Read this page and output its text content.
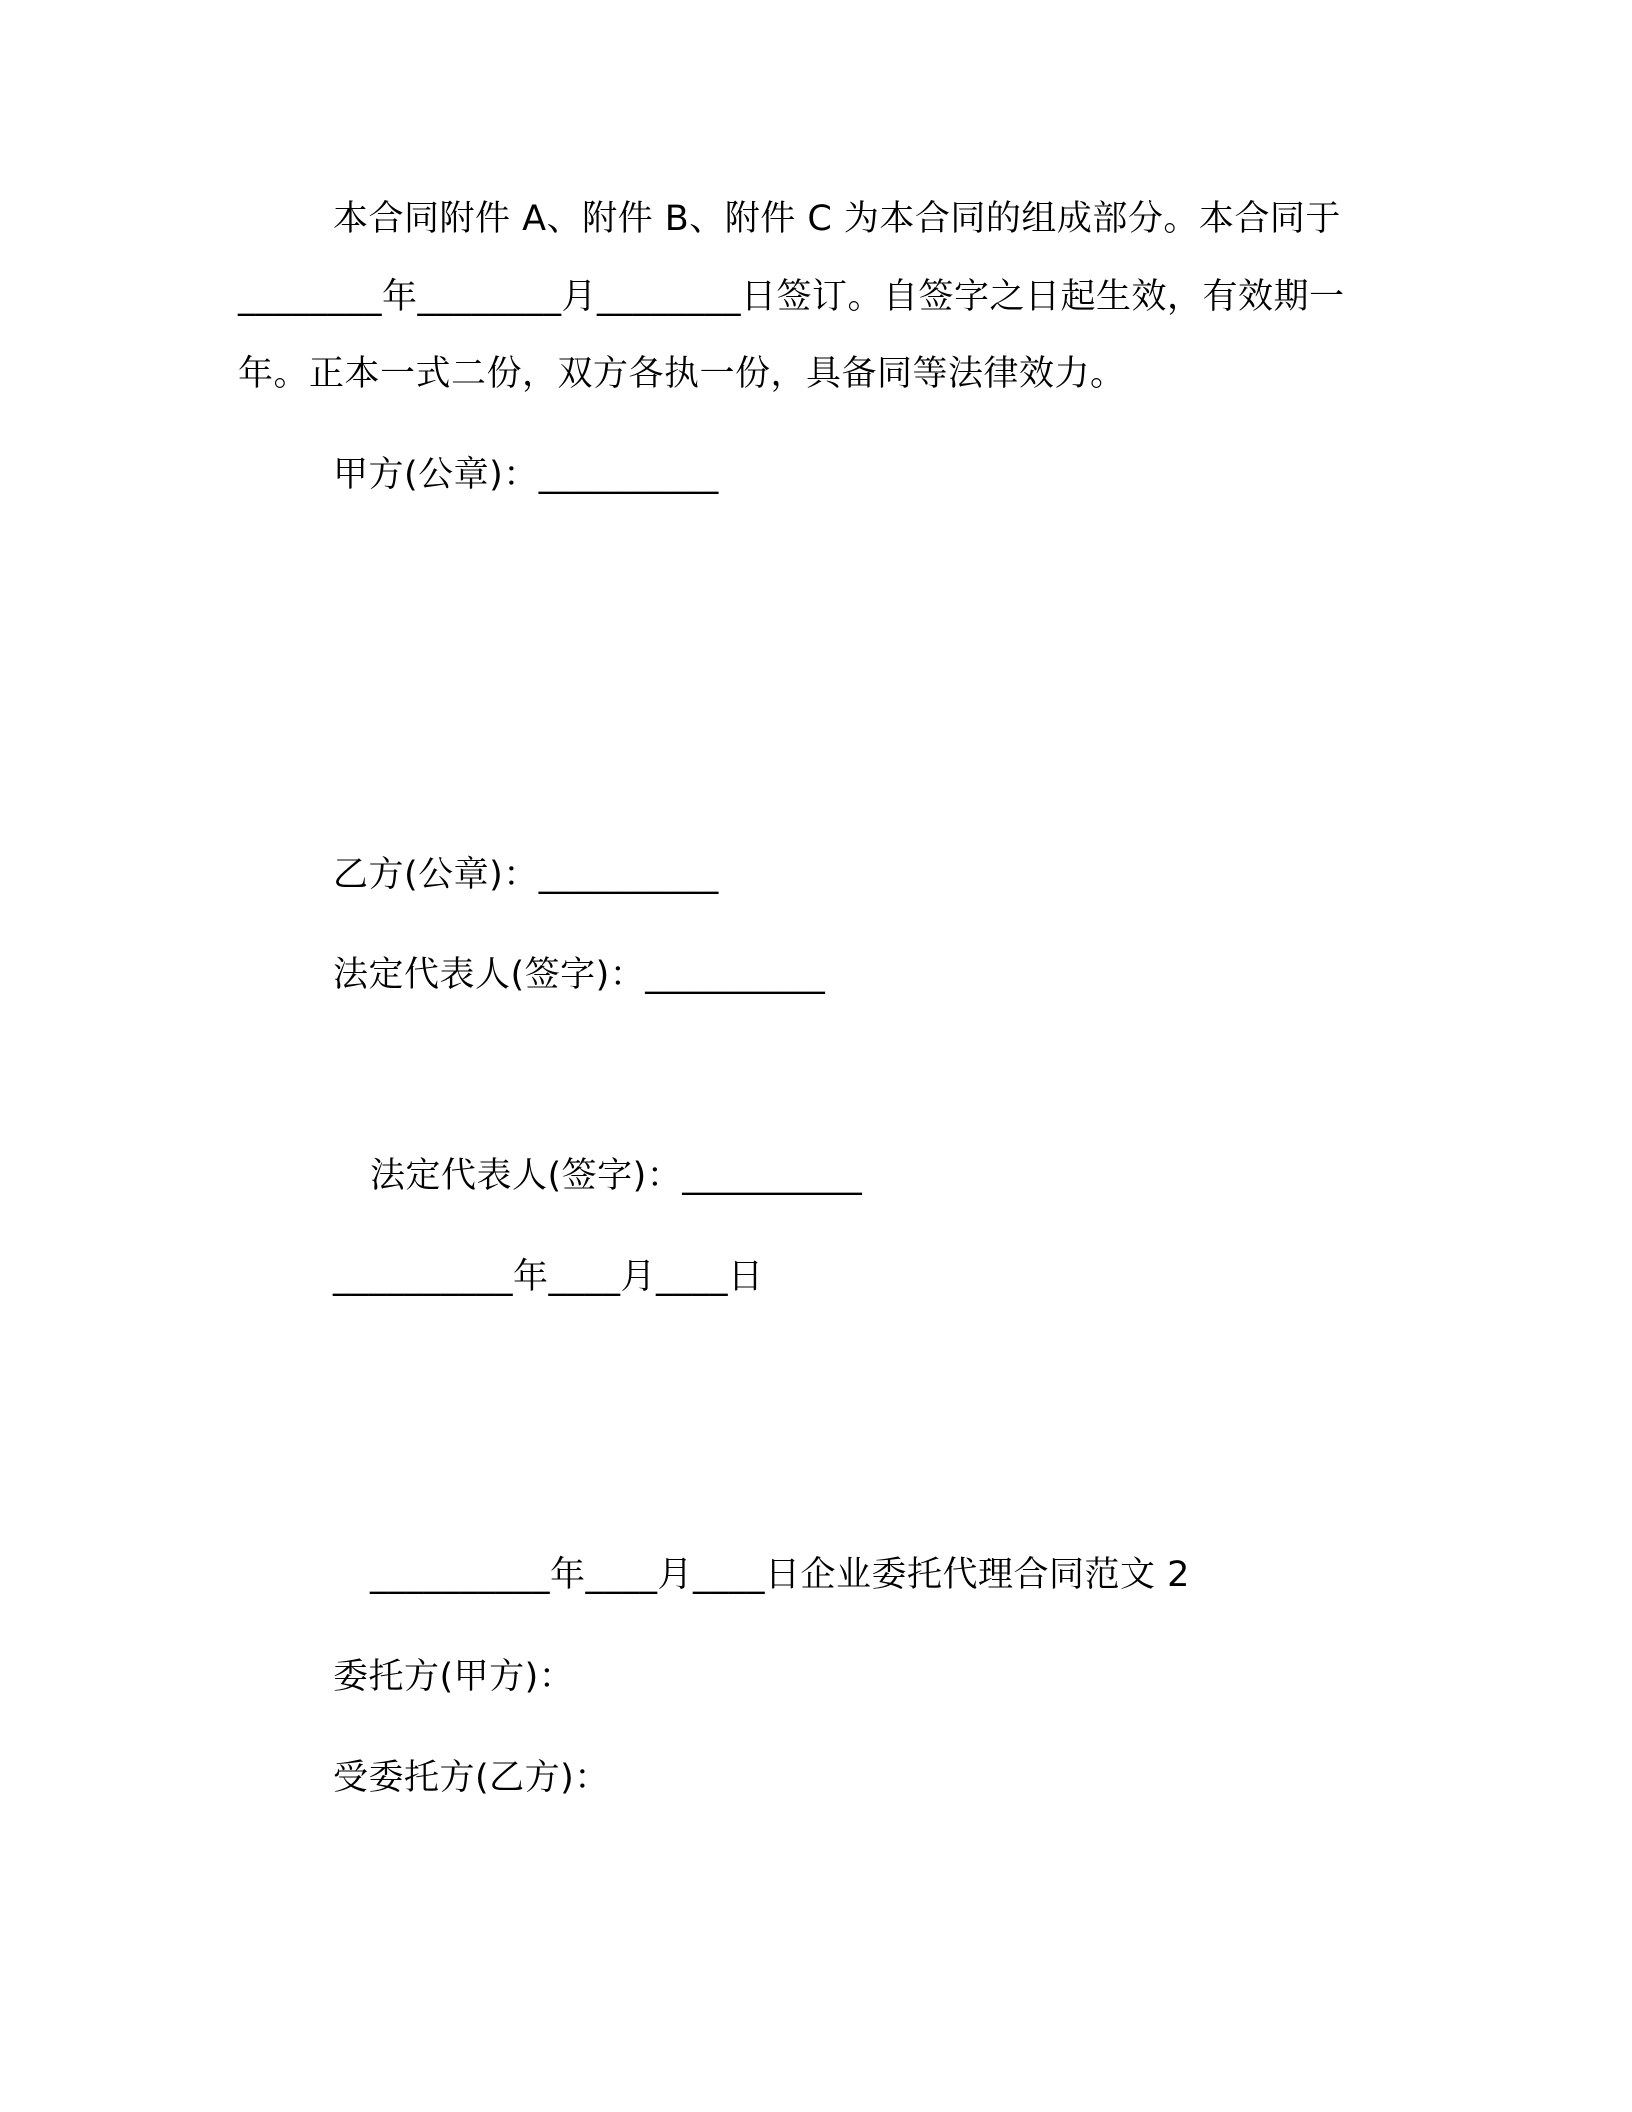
本合同附件 A、附件 B、附件 C 为本合同的组成部分。本合同于
________年________月________日签订。自签字之日起生效，有效期一
年。正本一式二份，双方各执一份，具备同等法律效力。
甲方(公章)：__________
乙方(公章)：__________
法定代表人(签字)：__________
法定代表人(签字)：__________
__________年____月____日
__________年____月____日企业委托代理合同范文 2
委托方(甲方)：
受委托方(乙方)：
